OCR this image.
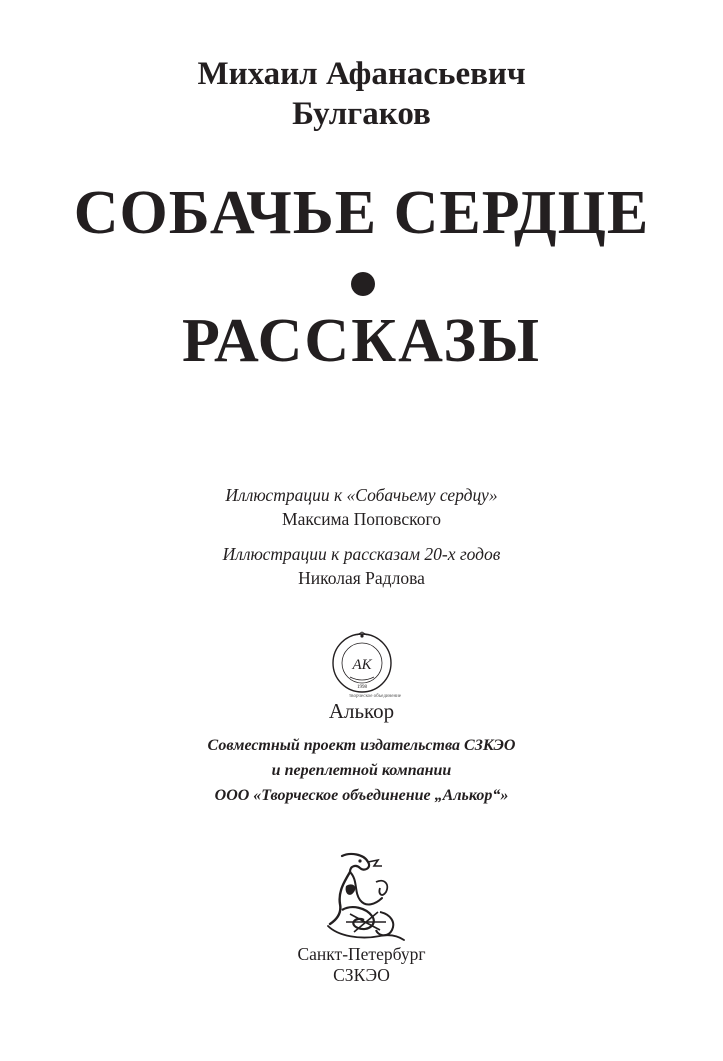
Михаил Афанасьевич
Булгаков
СОБАЧЬЕ СЕРДЦЕ
РАССКАЗЫ
Иллюстрации к «Собачьему сердцу»
Максима Поповского
Иллюстрации к рассказам 20-х годов
Николая Радлова
АК
1998
творческое объединение
Алькор
Совместный проект издательства СЗКЭО
и переплетной компании
ООО «Творческое объединение „Алькор“»
Санкт-Петербург
СЗКЭО
